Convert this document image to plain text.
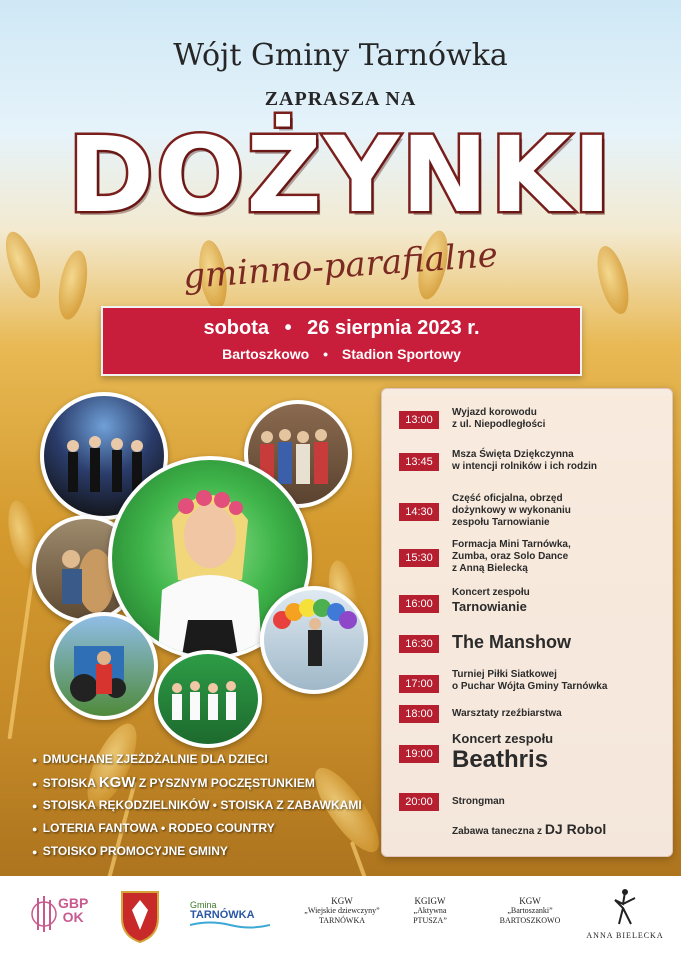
Wójt Gminy Tarnówka
ZAPRASZA NA
DOŻYNKI
gminno-parafialne
sobota • 26 sierpnia 2023 r.
Bartoszkowo • Stadion Sportowy
13:00
Wyjazd korowodu
z ul. Niepodległości
13:45
Msza Święta Dziękczynna
w intencji rolników i ich rodzin
14:30
Część oficjalna, obrzęd
dożynkowy w wykonaniu
zespołu Tarnowianie
15:30
Formacja Mini Tarnówka,
Zumba, oraz Solo Dance
z Anną Bielecką
16:00
Koncert zespołu
Tarnowianie
16:30	The Manshow
17:00
Turniej Piłki Siatkowej
o Puchar Wójta Gminy Tarnówka
18:00	Warsztaty rzeźbiarstwa
19:00
Koncert zespołu
Beathris
20:00	Strongman
Zabawa taneczna z DJ Robol
● DMUCHANE ZJEŻDŻALNIE DLA DZIECI
● STOISKA KGW Z PYSZNYM POCZĘSTUNKIEM
● STOISKA RĘKODZIELNIKÓW • STOISKA Z ZABAWKAMI
● LOTERIA FANTOWA • RODEO COUNTRY
● STOISKO PROMOCYJNE GMINY
GBP
OK
Gmina
TARNÓWKA
KGW
„Wiejskie dziewczyny”
TARNÓWKA
KGIGW
„Aktywna
PTUSZA”
KGW
„Bartoszanki”
BARTOSZKOWO
ANNA BIELECKA
